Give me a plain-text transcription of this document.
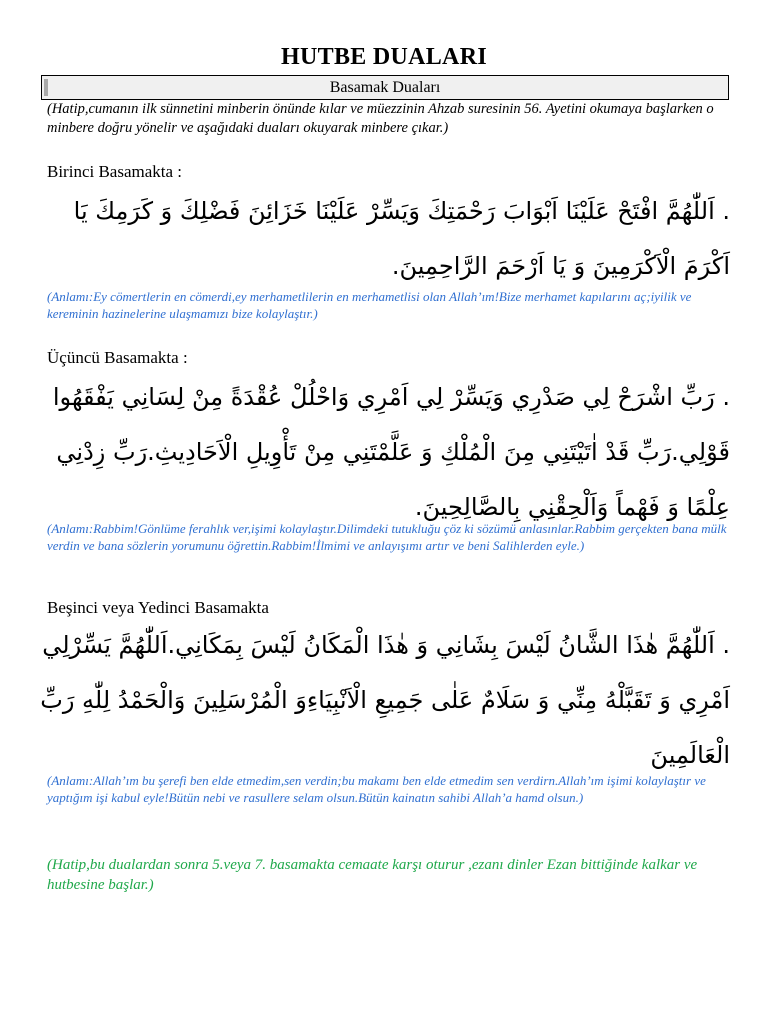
HUTBE DUALARI
Basamak Duaları
(Hatip,cumanın ilk sünnetini minberin önünde kılar ve müezzinin Ahzab suresinin 56. Ayetini okumaya başlarken o minbere doğru yönelir ve aşağıdaki duaları okuyarak minbere çıkar.)
Birinci Basamakta :
. اَللّٰهُمَّ افْتَحْ عَلَيْنَا اَبْوَابَ رَحْمَتِكَ وَيَسِّرْ عَلَيْنَا خَزَائِنَ فَضْلِكَ وَ كَرَمِكَ يَا اَكْرَمَ الْاَكْرَمِينَ وَ يَا اَرْحَمَ الرَّاحِمِينَ.
(Anlamı:Ey cömertlerin en cömerdi,ey merhametlilerin en merhametlisi olan Allah’ım!Bize merhamet kapılarını aç;iyilik ve kereminin hazinelerine ulaşmamızı bize kolaylaştır.)
Üçüncü Basamakta :
. رَبِّ اشْرَحْ لِي صَدْرِي وَيَسِّرْ لِي اَمْرِي وَاحْلُلْ عُقْدَةً مِنْ لِسَانِي يَفْقَهُوا قَوْلِي.رَبِّ قَدْ اٰتَيْتَنِي مِنَ الْمُلْكِ وَ عَلَّمْتَنِي مِنْ تَأْوِيلِ الْاَحَادِيثِ.رَبِّ زِدْنِي عِلْمًا وَ فَهْماً وَاَلْحِقْنِي بِالصَّالِحِينَ.
(Anlamı:Rabbim!Gönlüme ferahlık ver,işimi kolaylaştır.Dilimdeki tutukluğu çöz ki sözümü anlasınlar.Rabbim gerçekten bana mülk verdin ve bana sözlerin yorumunu öğrettin.Rabbim!İlmimi ve anlayışımı artır ve beni Salihlerden eyle.)
Beşinci veya Yedinci Basamakta
. اَللّٰهُمَّ هٰذَا الشَّانُ لَيْسَ بِشَانِي وَ هٰذَا الْمَكَانُ لَيْسَ بِمَكَانِي.اَللّٰهُمَّ يَسِّرْلِي اَمْرِي وَ تَقَبَّلْهُ مِنِّي وَ سَلَامٌ عَلٰى جَمِيعِ الْاَنْبِيَاءِوَ الْمُرْسَلِينَ وَالْحَمْدُ لِلّٰهِ رَبِّ الْعَالَمِينَ
(Anlamı:Allah’ım bu şerefi ben elde etmedim,sen verdin;bu makamı ben elde etmedim sen verdirn.Allah’ım işimi kolaylaştır ve yaptığım işi kabul eyle!Bütün nebi ve rasullere selam olsun.Bütün kainatın sahibi Allah’a hamd olsun.)
(Hatip,bu dualardan sonra 5.veya 7. basamakta cemaate karşı oturur ,ezanı dinler Ezan bittiğinde kalkar ve hutbesine başlar.)
